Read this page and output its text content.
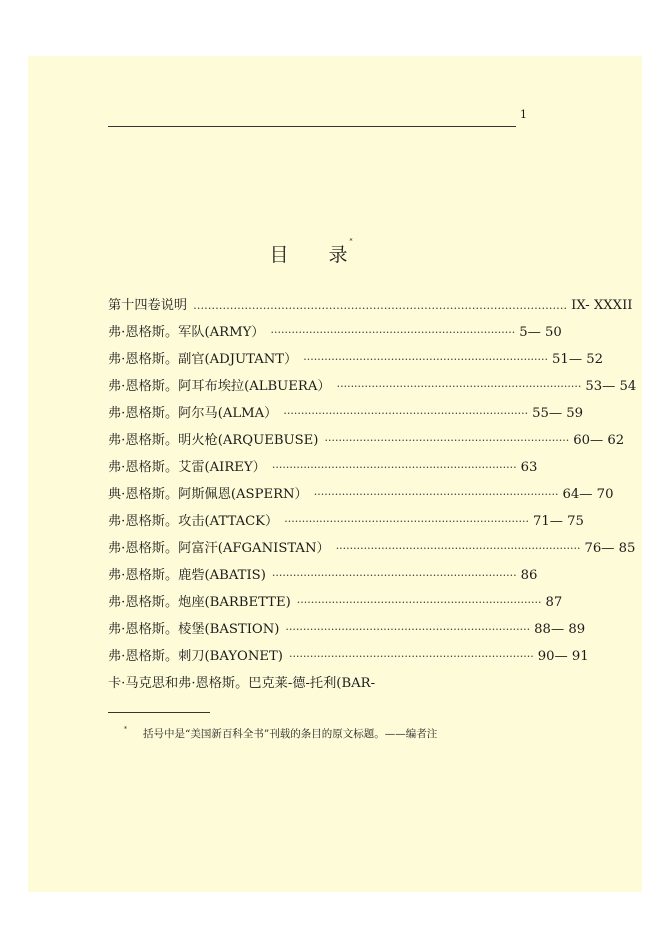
1
目 录*
第十四卷说明 ………………………………………………………………………………………… IX- XXXII
弗·恩格斯。军队(ARMY） ······································································ 5— 50
弗·恩格斯。副官(ADJUTANT） ······································································ 51— 52
弗·恩格斯。阿耳布埃拉(ALBUERA） ······································································ 53— 54
弗·恩格斯。阿尔马(ALMA） ······································································ 55— 59
弗·恩格斯。明火枪(ARQUEBUSE) ······································································ 60— 62
弗·恩格斯。艾雷(AIREY） ······································································ 63
典·恩格斯。阿斯佩恩(ASPERN） ······································································ 64— 70
弗·恩格斯。攻击(ATTACK） ······································································ 71— 75
弗·恩格斯。阿富汗(AFGANISTAN） ······································································ 76— 85
弗·恩格斯。鹿砦(ABATIS) ······································································ 86
弗·恩格斯。炮座(BARBETTE) ······································································ 87
弗·恩格斯。棱堡(BASTION) ······································································ 88— 89
弗·恩格斯。刺刀(BAYONET) ······································································ 90— 91
卡·马克思和弗·恩格斯。巴克莱-德-托利(BAR-
* 括号中是“美国新百科全书”刊载的条目的原文标题。——编者注
